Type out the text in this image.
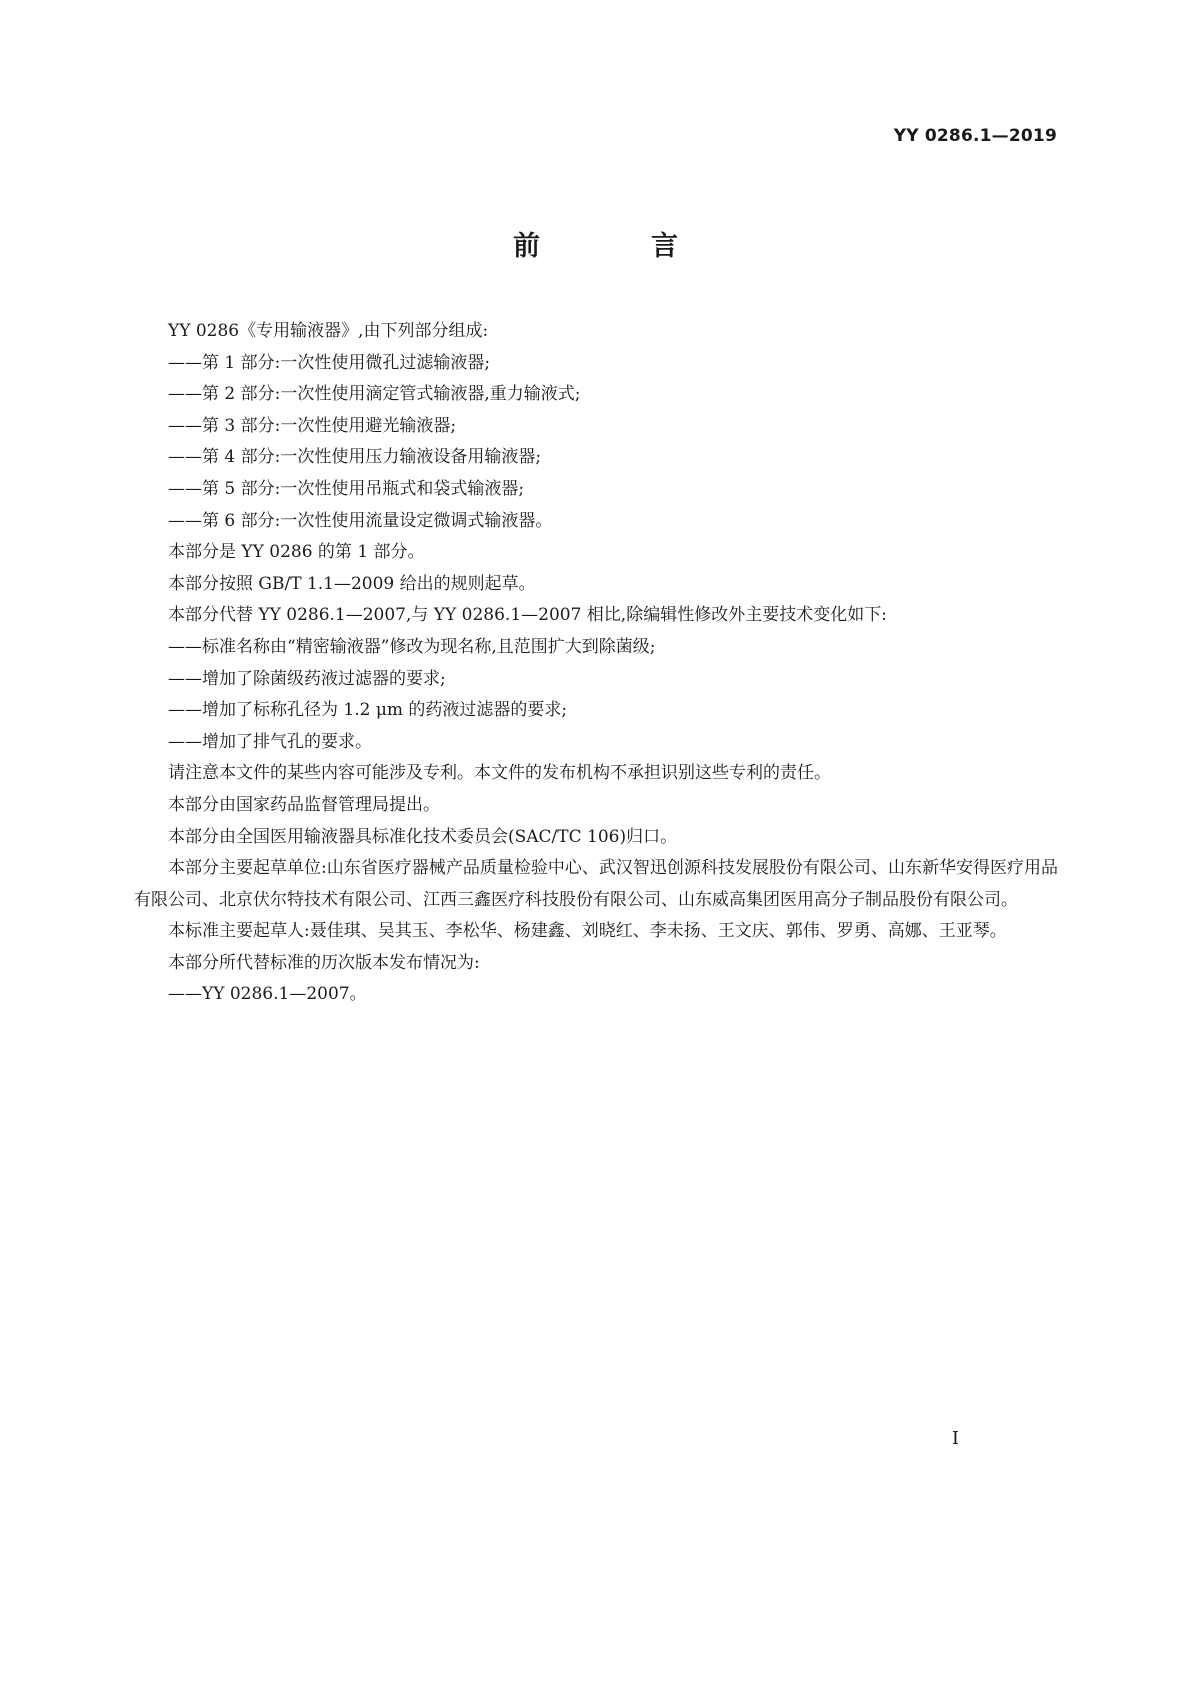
YY 0286.1—2019
前　言

YY 0286《专用输液器》,由下列部分组成:

——第 1 部分:一次性使用微孔过滤输液器;

——第 2 部分:一次性使用滴定管式输液器,重力输液式;

——第 3 部分:一次性使用避光输液器;

——第 4 部分:一次性使用压力输液设备用输液器;

——第 5 部分:一次性使用吊瓶式和袋式输液器;

——第 6 部分:一次性使用流量设定微调式输液器。

本部分是 YY 0286 的第 1 部分。

本部分按照 GB/T 1.1—2009 给出的规则起草。

本部分代替 YY 0286.1—2007,与 YY 0286.1—2007 相比,除编辑性修改外主要技术变化如下:

——标准名称由“精密输液器”修改为现名称,且范围扩大到除菌级;

——增加了除菌级药液过滤器的要求;

——增加了标称孔径为 1.2 μm 的药液过滤器的要求;

——增加了排气孔的要求。

请注意本文件的某些内容可能涉及专利。本文件的发布机构不承担识别这些专利的责任。

本部分由国家药品监督管理局提出。

本部分由全国医用输液器具标准化技术委员会(SAC/TC 106)归口。

本部分主要起草单位:山东省医疗器械产品质量检验中心、武汉智迅创源科技发展股份有限公司、山东新华安得医疗用品有限公司、北京伏尔特技术有限公司、江西三鑫医疗科技股份有限公司、山东威高集团医用高分子制品股份有限公司。

本标准主要起草人:聂佳琪、吴其玉、李松华、杨建鑫、刘晓红、李未扬、王文庆、郭伟、罗勇、高娜、王亚琴。

本部分所代替标准的历次版本发布情况为:

——YY 0286.1—2007。

I
